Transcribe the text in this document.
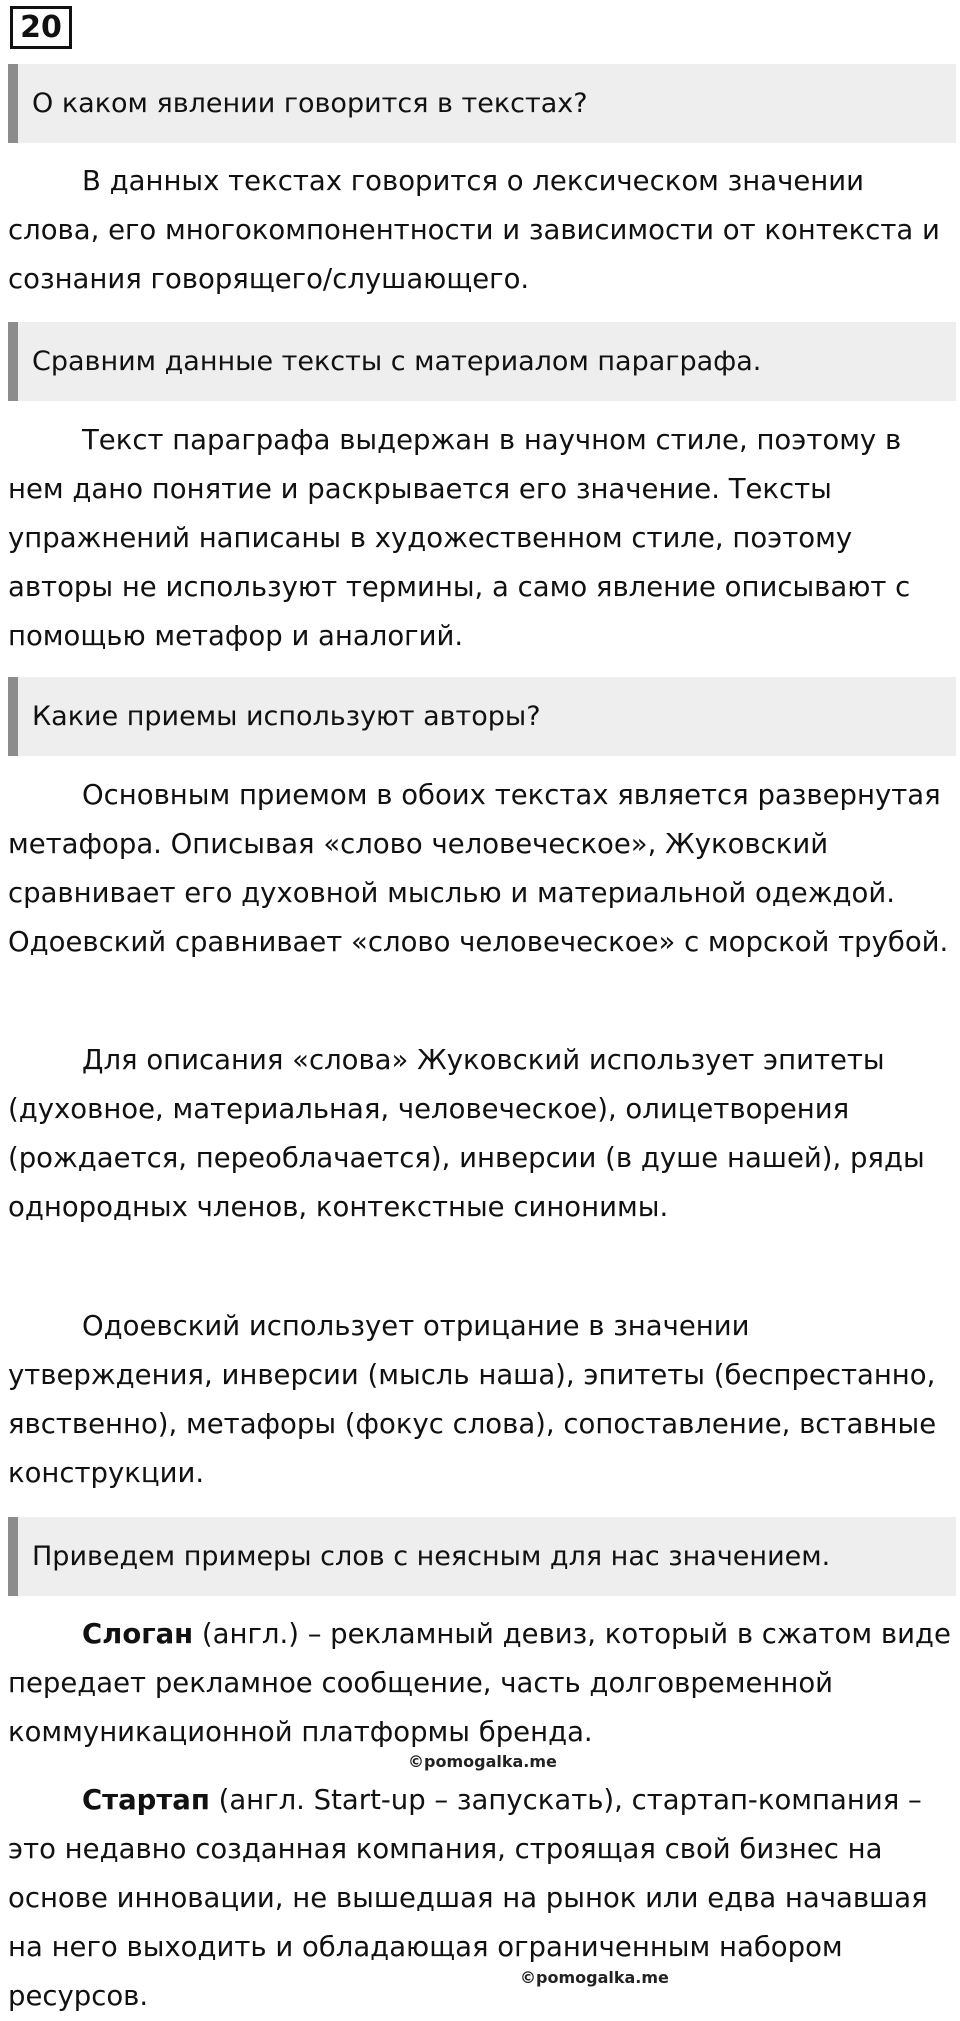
20
О каком явлении говорится в текстах?
В данных текстах говорится о лексическом значении слова, его многокомпонентности и зависимости от контекста и сознания говорящего/слушающего.
Сравним данные тексты с материалом параграфа.
Текст параграфа выдержан в научном стиле, поэтому в нем дано понятие и раскрывается его значение. Тексты упражнений написаны в художественном стиле, поэтому авторы не используют термины, а само явление описывают с помощью метафор и аналогий.
Какие приемы используют авторы?
Основным приемом в обоих текстах является развернутая метафора. Описывая «слово человеческое», Жуковский сравнивает его духовной мыслью и материальной одеждой. Одоевский сравнивает «слово человеческое» с морской трубой.
Для описания «слова» Жуковский использует эпитеты (духовное, материальная, человеческое), олицетворения (рождается, переоблачается), инверсии (в душе нашей), ряды однородных членов, контекстные синонимы.
Одоевский использует отрицание в значении утверждения, инверсии (мысль наша), эпитеты (беспрестанно, явственно), метафоры (фокус слова), сопоставление, вставные конструкции.
Приведем примеры слов с неясным для нас значением.
Слоган (англ.) – рекламный девиз, который в сжатом виде передает рекламное сообщение, часть долговременной коммуникационной платформы бренда.
©pomogalka.me
Стартап (англ. Start-up – запускать), стартап-компания – это недавно созданная компания, строящая свой бизнес на основе инновации, не вышедшая на рынок или едва начавшая на него выходить и обладающая ограниченным набором ресурсов.
©pomogalka.me
